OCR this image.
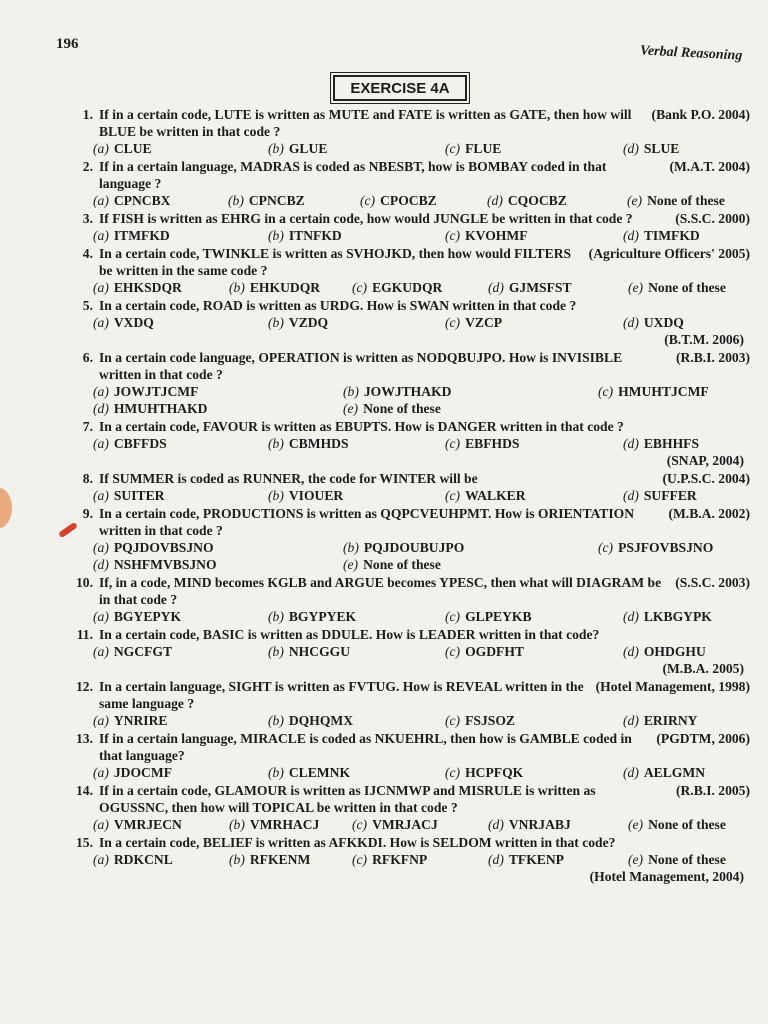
196	Verbal Reasoning
EXERCISE 4A
1.	(Bank P.O. 2004)
If in a certain code, LUTE is written as MUTE and FATE is written as GATE, then how will BLUE be written in that code ?
(a) CLUE	(b) GLUE	(c) FLUE	(d) SLUE
2.	(M.A.T. 2004)
If in a certain language, MADRAS is coded as NBESBT, how is BOMBAY coded in that language ?
(a) CPNCBX	(b) CPNCBZ	(c) CPOCBZ	(d) CQOCBZ	(e) None of these
3.	(S.S.C. 2000)
If FISH is written as EHRG in a certain code, how would JUNGLE be written in that code ?
(a) ITMFKD	(b) ITNFKD	(c) KVOHMF	(d) TIMFKD
4.	(Agriculture Officers' 2005)
In a certain code, TWINKLE is written as SVHOJKD, then how would FILTERS be written in the same code ?
(a) EHKSDQR	(b) EHKUDQR	(c) EGKUDQR	(d) GJMSFST	(e) None of these
5. In a certain code, ROAD is written as URDG. How is SWAN written in that code ?
(a) VXDQ	(b) VZDQ	(c) VZCP	(d) UXDQ
(B.T.M. 2006)
6.	(R.B.I. 2003)
In a certain code language, OPERATION is written as NODQBUJPO. How is INVISIBLE written in that code ?
(a) JOWJTJCMF	(b) JOWJTHAKD	(c) HMUHTJCMF
(d) HMUHTHAKD	(e) None of these
7. In a certain code, FAVOUR is written as EBUPTS. How is DANGER written in that code ?
(a) CBFFDS	(b) CBMHDS	(c) EBFHDS	(d) EBHHFS
(SNAP, 2004)
8.	(U.P.S.C. 2004)
If SUMMER is coded as RUNNER, the code for WINTER will be
(a) SUITER	(b) VIOUER	(c) WALKER	(d) SUFFER
9.	(M.B.A. 2002)
In a certain code, PRODUCTIONS is written as QQPCVEUHPMT. How is ORIENTATION written in that code ?
(a) PQJDOVBSJNO	(b) PQJDOUBUJPO	(c) PSJFOVBSJNO
(d) NSHFMVBSJNO	(e) None of these
10.	(S.S.C. 2003)
If, in a code, MIND becomes KGLB and ARGUE becomes YPESC, then what will DIAGRAM be in that code ?
(a) BGYEPYK	(b) BGYPYEK	(c) GLPEYKB	(d) LKBGYPK
11. In a certain code, BASIC is written as DDULE. How is LEADER written in that code?
(a) NGCFGT	(b) NHCGGU	(c) OGDFHT	(d) OHDGHU
(M.B.A. 2005)
12.	(Hotel Management, 1998)
In a certain language, SIGHT is written as FVTUG. How is REVEAL written in the same language ?
(a) YNRIRE	(b) DQHQMX	(c) FSJSOZ	(d) ERIRNY
13.	(PGDTM, 2006)
If in a certain language, MIRACLE is coded as NKUEHRL, then how is GAMBLE coded in that language?
(a) JDOCMF	(b) CLEMNK	(c) HCPFQK	(d) AELGMN
14.	(R.B.I. 2005)
If in a certain code, GLAMOUR is written as IJCNMWP and MISRULE is written as OGUSSNC, then how will TOPICAL be written in that code ?
(a) VMRJECN	(b) VMRHACJ	(c) VMRJACJ	(d) VNRJABJ	(e) None of these
15. In a certain code, BELIEF is written as AFKKDI. How is SELDOM written in that code?
(a) RDKCNL	(b) RFKENM	(c) RFKFNP	(d) TFKENP	(e) None of these
(Hotel Management, 2004)
